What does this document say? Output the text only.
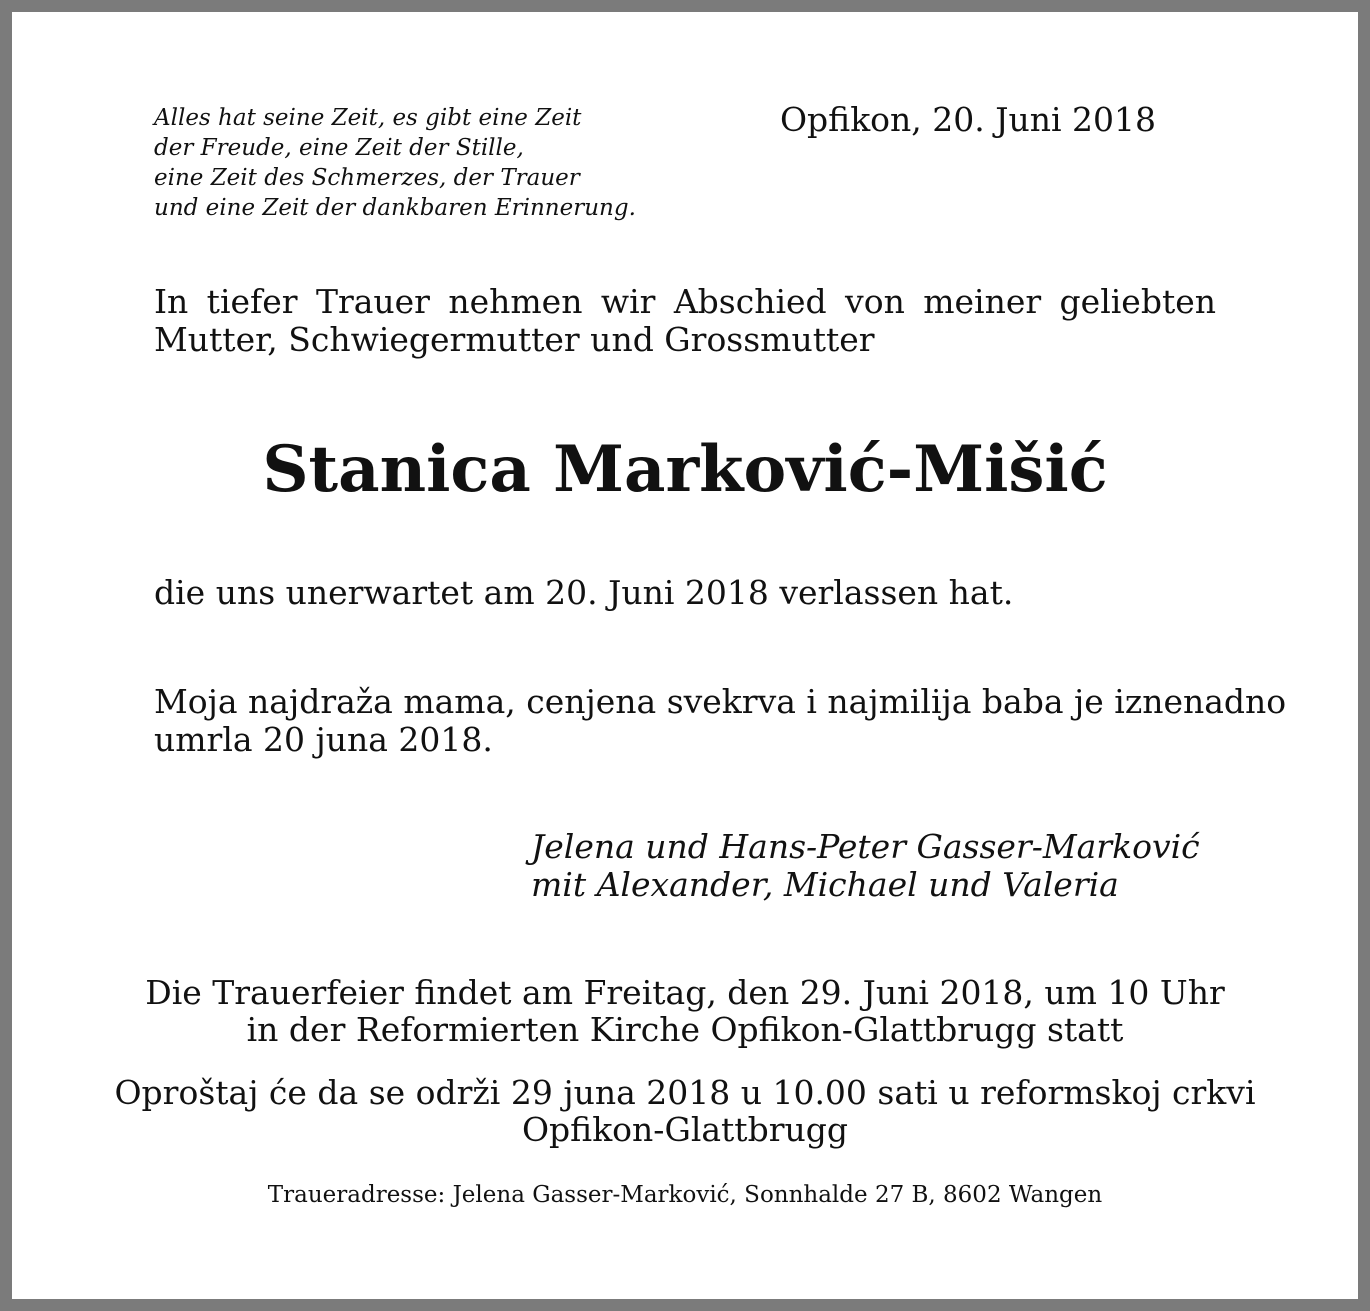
Alles hat seine Zeit, es gibt eine Zeit
der Freude, eine Zeit der Stille,
eine Zeit des Schmerzes, der Trauer
und eine Zeit der dankbaren Erinnerung.
Opfikon, 20. Juni 2018
In tiefer Trauer nehmen wir Abschied von meiner geliebten
Mutter, Schwiegermutter und Grossmutter
Stanica Marković-Mišić
die uns unerwartet am 20. Juni 2018 verlassen hat.
Moja najdraža mama, cenjena svekrva i najmilija baba je iznenadno
umrla 20 juna 2018.
Jelena und Hans-Peter Gasser-Marković
mit Alexander, Michael und Valeria
Die Trauerfeier findet am Freitag, den 29. Juni 2018, um 10 Uhr
in der Reformierten Kirche Opfikon-Glattbrugg statt
Oproštaj će da se održi 29 juna 2018 u 10.00 sati u reformskoj crkvi
Opfikon-Glattbrugg
Traueradresse: Jelena Gasser-Marković, Sonnhalde 27 B, 8602 Wangen
